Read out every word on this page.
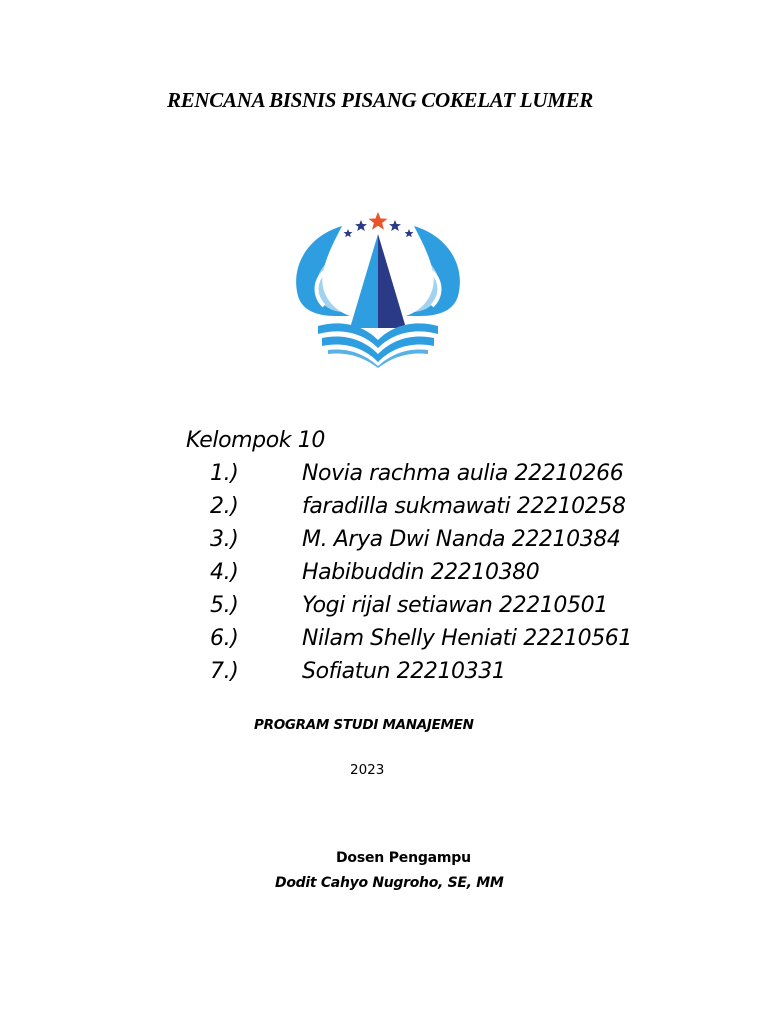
RENCANA BISNIS PISANG COKELAT LUMER
Kelompok 10
1.)	Novia rachma aulia 22210266
2.)	faradilla sukmawati 22210258
3.)	M. Arya Dwi Nanda 22210384
4.)	Habibuddin 22210380
5.)	Yogi rijal setiawan 22210501
6.)	Nilam Shelly Heniati 22210561
7.)	Sofiatun 22210331
PROGRAM STUDI MANAJEMEN
2023
Dosen Pengampu
Dodit Cahyo Nugroho, SE, MM
